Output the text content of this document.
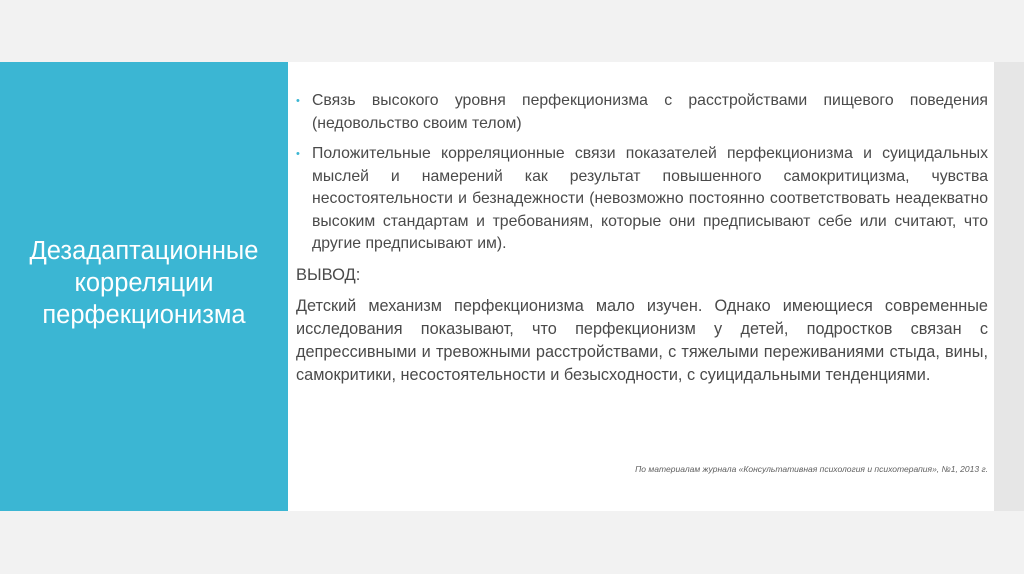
Дезадаптационные
корреляции
перфекционизма
• Связь высокого уровня перфекционизма с расстройствами пищевого поведения (недовольство своим телом)
• Положительные корреляционные связи показателей перфекционизма и суицидальных мыслей и намерений как результат повышенного самокритицизма, чувства несостоятельности и безнадежности (невозможно постоянно соответствовать неадекватно высоким стандартам и требованиям, которые они предписывают себе или считают, что другие предписывают им).
ВЫВОД:
Детский механизм перфекционизма мало изучен. Однако имеющиеся современные исследования показывают, что перфекционизм у детей, подростков связан с депрессивными и тревожными расстройствами, с тяжелыми переживаниями стыда, вины, самокритики, несостоятельности и безысходности, с суицидальными тенденциями.
По материалам журнала «Консультативная психология и психотерапия», №1, 2013 г.
